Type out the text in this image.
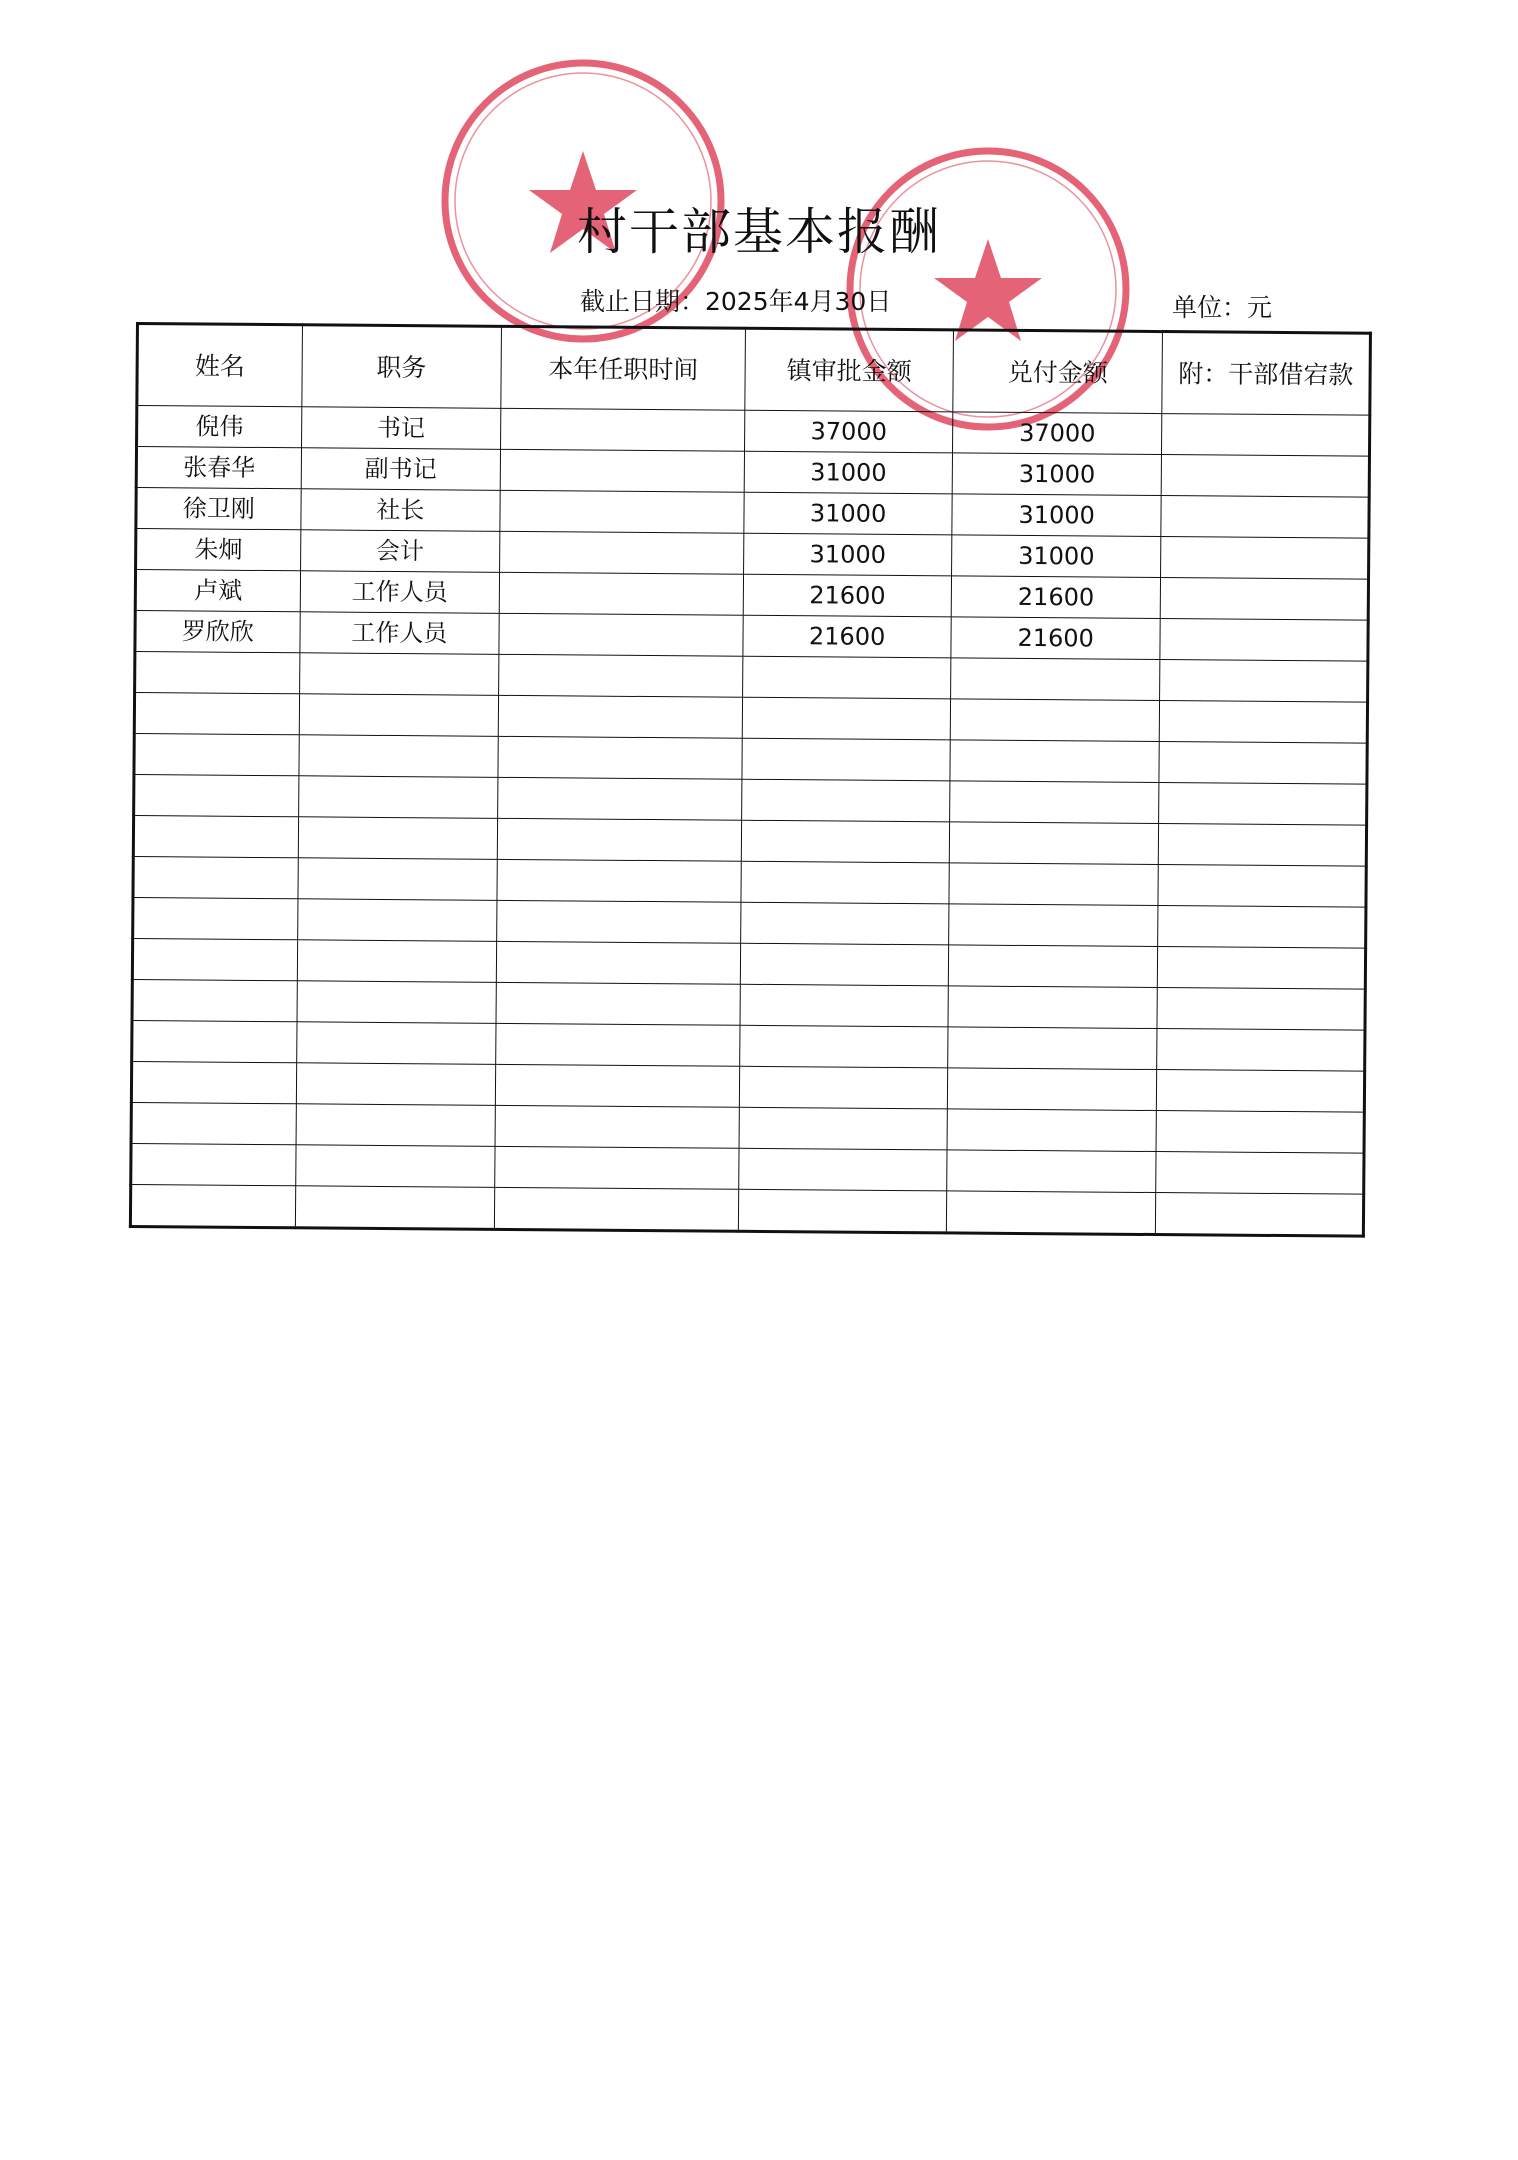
村干部基本报酬
截止日期：2025年4月30日	单位：元
姓名	职务	本年任职时间	镇审批金额	兑付金额	附：干部借宕款
倪伟	书记		37000	37000	
张春华	副书记		31000	31000	
徐卫刚	社长		31000	31000	
朱炯	会计		31000	31000	
卢斌	工作人员		21600	21600	
罗欣欣	工作人员		21600	21600	
